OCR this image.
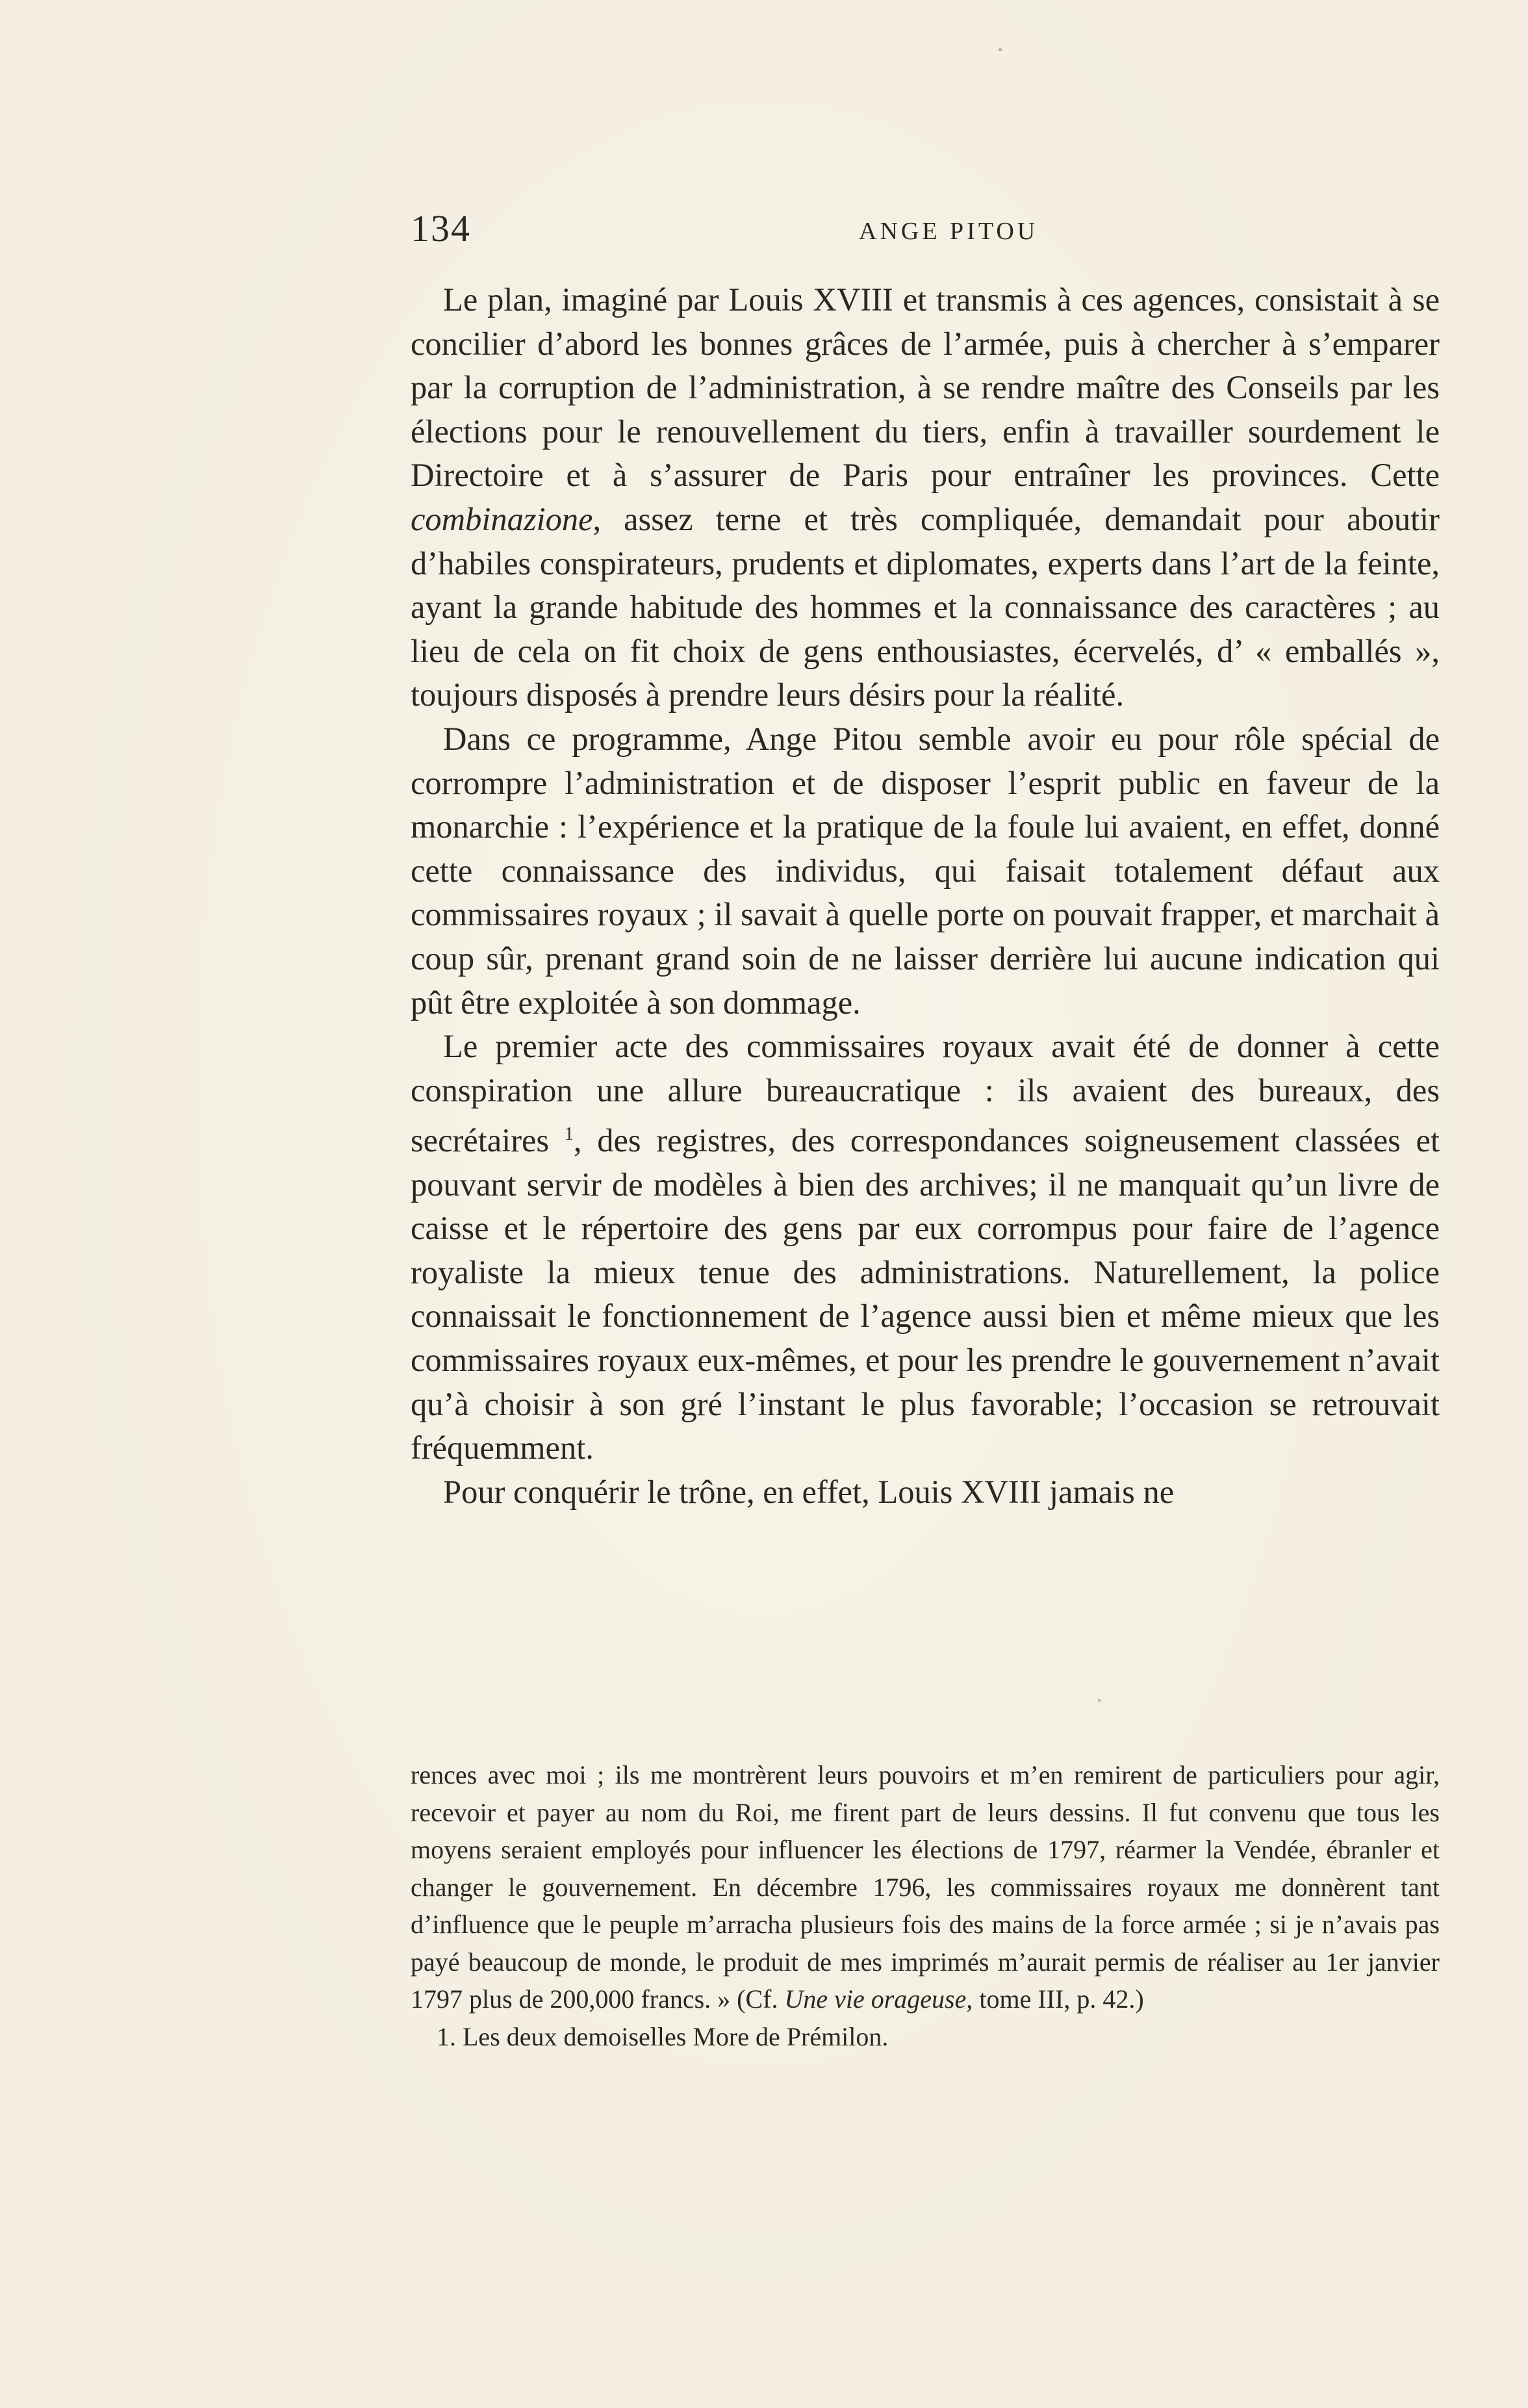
134	ANGE PITOU

Le plan, imaginé par Louis XVIII et transmis à ces agences, consistait à se concilier d’abord les bonnes grâces de l’armée, puis à chercher à s’emparer par la corruption de l’administration, à se rendre maître des Conseils par les élections pour le renouvellement du tiers, enfin à travailler sourdement le Directoire et à s’assurer de Paris pour entraîner les provinces. Cette combinazione, assez terne et très compliquée, demandait pour aboutir d’habiles conspirateurs, prudents et diplomates, experts dans l’art de la feinte, ayant la grande habitude des hommes et la connaissance des caractères ; au lieu de cela on fit choix de gens enthousiastes, écervelés, d’ « emballés », toujours disposés à prendre leurs désirs pour la réalité.

Dans ce programme, Ange Pitou semble avoir eu pour rôle spécial de corrompre l’administration et de disposer l’esprit public en faveur de la monarchie : l’expérience et la pratique de la foule lui avaient, en effet, donné cette connaissance des individus, qui faisait totalement défaut aux commissaires royaux ; il savait à quelle porte on pouvait frapper, et marchait à coup sûr, prenant grand soin de ne laisser derrière lui aucune indication qui pût être exploitée à son dommage.

Le premier acte des commissaires royaux avait été de donner à cette conspiration une allure bureaucratique : ils avaient des bureaux, des secrétaires $^1$, des registres, des correspondances soigneusement classées et pouvant servir de modèles à bien des archives; il ne manquait qu’un livre de caisse et le répertoire des gens par eux corrompus pour faire de l’agence royaliste la mieux tenue des administrations. Naturellement, la police connaissait le fonctionnement de l’agence aussi bien et même mieux que les commissaires royaux eux-mêmes, et pour les prendre le gouvernement n’avait qu’à choisir à son gré l’instant le plus favorable; l’occasion se retrouvait fréquemment.

Pour conquérir le trône, en effet, Louis XVIII jamais ne

rences avec moi ; ils me montrèrent leurs pouvoirs et m’en remirent de particuliers pour agir, recevoir et payer au nom du Roi, me firent part de leurs dessins. Il fut convenu que tous les moyens seraient employés pour influencer les élections de 1797, réarmer la Vendée, ébranler et changer le gouvernement. En décembre 1796, les commissaires royaux me donnèrent tant d’influence que le peuple m’arracha plusieurs fois des mains de la force armée ; si je n’avais pas payé beaucoup de monde, le produit de mes imprimés m’aurait permis de réaliser au 1er janvier 1797 plus de 200,000 francs. » (Cf. Une vie orageuse, tome III, p. 42.)

1. Les deux demoiselles More de Prémilon.
